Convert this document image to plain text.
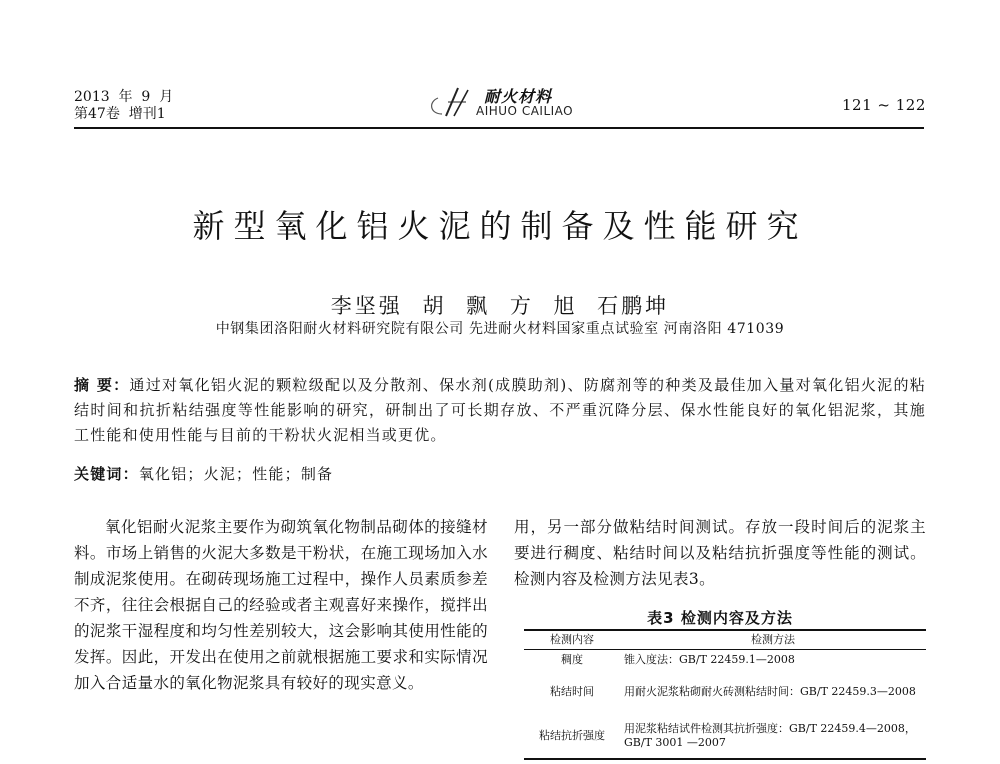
2013  年  9  月
第47卷  增刊1
耐火材料
AIHUO CAILIAO	121 ~ 122
新型氧化铝火泥的制备及性能研究
李坚强 胡 飘 方 旭 石鹏坤
中钢集团洛阳耐火材料研究院有限公司 先进耐火材料国家重点试验室 河南洛阳 471039
摘 要：通过对氧化铝火泥的颗粒级配以及分散剂、保水剂(成膜助剂)、防腐剂等的种类及最佳加入量对氧化铝火泥的粘结时间和抗折粘结强度等性能影响的研究，研制出了可长期存放、不严重沉降分层、保水性能良好的氧化铝泥浆，其施工性能和使用性能与目前的干粉状火泥相当或更优。
关键词：氧化铝；火泥；性能；制备

氧化铝耐火泥浆主要作为砌筑氧化物制品砌体的接缝材料。市场上销售的火泥大多数是干粉状，在施工现场加入水制成泥浆使用。在砌砖现场施工过程中，操作人员素质参差不齐，往往会根据自己的经验或者主观喜好来操作，搅拌出的泥浆干湿程度和均匀性差别较大，这会影响其使用性能的发挥。因此，开发出在使用之前就根据施工要求和实际情况加入合适量水的氧化物泥浆具有较好的现实意义。

用，另一部分做粘结时间测试。存放一段时间后的泥浆主要进行稠度、粘结时间以及粘结抗折强度等性能的测试。检测内容及检测方法见表3。

表3 检测内容及方法
检测内容	检测方法
稠度	锥入度法：GB/T 22459.1—2008
粘结时间	用耐火泥浆粘砌耐火砖测粘结时间：GB/T 22459.3—2008
粘结抗折强度	用泥浆粘结试件检测其抗折强度：GB/T 22459.4—2008，GB/T 3001 —2007
